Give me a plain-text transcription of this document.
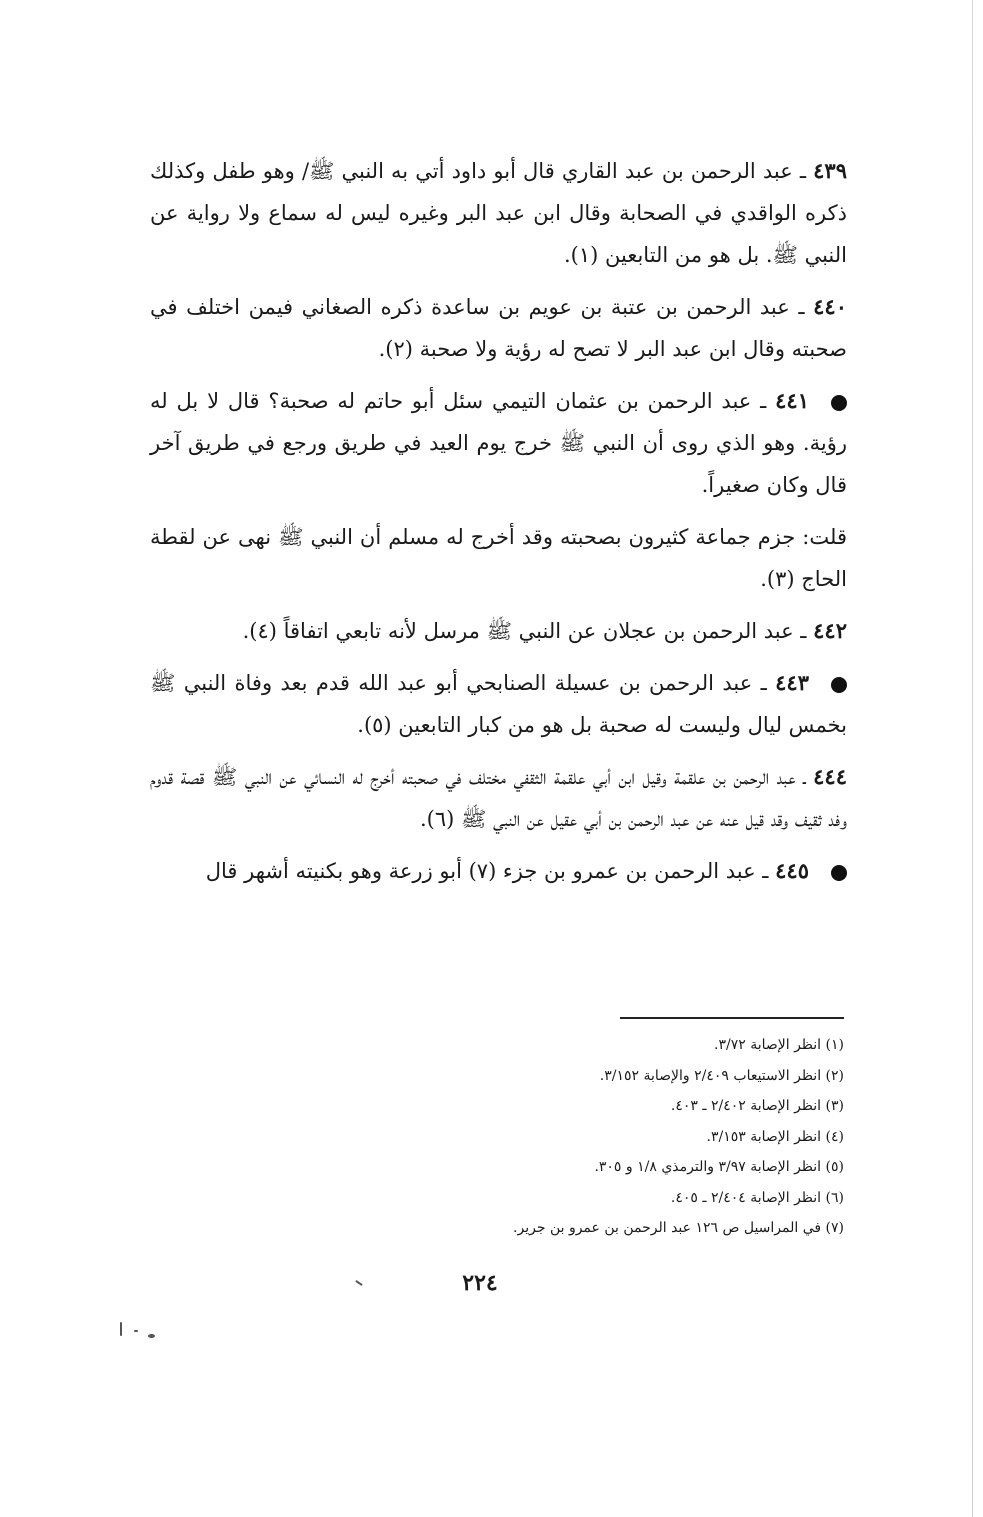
٤٣٩ ـ عبد الرحمن بن عبد القاري قال أبو داود أتي به النبي ﷺ/ وهو طفل وكذلك ذكره الواقدي في الصحابة وقال ابن عبد البر وغيره ليس له سماع ولا رواية عن النبي ﷺ. بل هو من التابعين (١).

٤٤٠ ـ عبد الرحمن بن عتبة بن عويم بن ساعدة ذكره الصغاني فيمن اختلف في صحبته وقال ابن عبد البر لا تصح له رؤية ولا صحبة (٢).

٤٤١ ـ عبد الرحمن بن عثمان التيمي سئل أبو حاتم له صحبة؟ قال لا بل له رؤية. وهو الذي روى أن النبي ﷺ خرج يوم العيد في طريق ورجع في طريق آخر قال وكان صغيراً.

قلت: جزم جماعة كثيرون بصحبته وقد أخرج له مسلم أن النبي ﷺ نهى عن لقطة الحاج (٣).

٤٤٢ ـ عبد الرحمن بن عجلان عن النبي ﷺ مرسل لأنه تابعي اتفاقاً (٤).

٤٤٣ ـ عبد الرحمن بن عسيلة الصنابحي أبو عبد الله قدم بعد وفاة النبي ﷺ بخمس ليال وليست له صحبة بل هو من كبار التابعين (٥).

٤٤٤ ـ عبد الرحمن بن علقمة وقيل ابن أبي علقمة الثقفي مختلف في صحبته أخرج له النسائي عن النبي ﷺ قصة قدوم وفد ثقيف وقد قيل عنه عن عبد الرحمن بن أبي عقيل عن النبي ﷺ (٦).

٤٤٥ ـ عبد الرحمن بن عمرو بن جزء (٧) أبو زرعة وهو بكنيته أشهر قال

(١) انظر الإصابة ٣/٧٢.
(٢) انظر الاستيعاب ٢/٤٠٩ والإصابة ٣/١٥٢.
(٣) انظر الإصابة ٢/٤٠٢ ـ ٤٠٣.
(٤) انظر الإصابة ٣/١٥٣.
(٥) انظر الإصابة ٣/٩٧ والترمذي ١/٨ و ٣٠٥.
(٦) انظر الإصابة ٢/٤٠٤ ـ ٤٠٥.
(٧) في المراسيل ص ١٢٦ عبد الرحمن بن عمرو بن جرير.
٢٢٤
